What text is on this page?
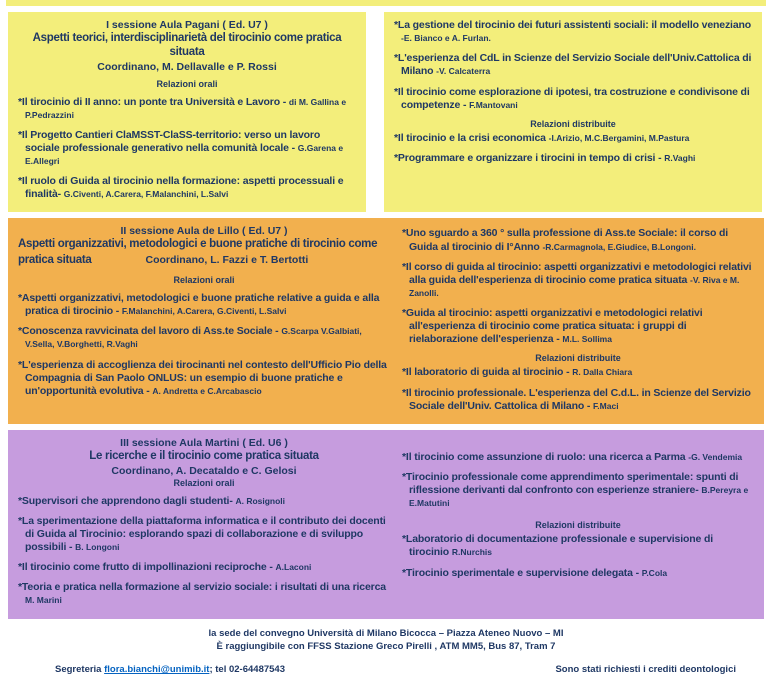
I sessione Aula Pagani ( Ed. U7 )
Aspetti teorici, interdisciplinarietà del tirocinio come pratica situata
Coordinano, M. Dellavalle e P. Rossi
Relazioni orali

*Il tirocinio di II anno: un ponte tra Università e Lavoro - di M. Gallina e P.Pedrazzini

*Il Progetto Cantieri ClaMSST-ClaSS-territorio: verso un lavoro sociale professionale generativo nella comunità locale - G.Garena e E.Allegri

*Il ruolo di Guida al tirocinio nella formazione: aspetti processuali e finalità- G.Civenti, A.Carera, F.Malanchini, L.Salvi

*La gestione del tirocinio dei futuri assistenti sociali: il modello veneziano -E. Bianco e A. Furlan.

*L'esperienza del CdL in Scienze del Servizio Sociale dell'Univ.Cattolica di Milano -V. Calcaterra

*Il tirocinio come esplorazione di ipotesi, tra costruzione e condivisone di competenze - F.Mantovani

Relazioni distribuite

*Il tirocinio e la crisi economica -I.Arizio, M.C.Bergamini, M.Pastura

*Programmare e organizzare i tirocini in tempo di crisi - R.Vaghi

II sessione Aula de Lillo ( Ed. U7 )
Aspetti organizzativi, metodologici e buone pratiche di tirocinio come
pratica situata	Coordinano, L. Fazzi e T. Bertotti
Relazioni orali

*Aspetti organizzativi, metodologici e buone pratiche relative a guida e alla pratica di tirocinio - F.Malanchini, A.Carera, G.Civenti, L.Salvi

*Conoscenza ravvicinata del lavoro di Ass.te Sociale - G.Scarpa V.Galbiati, V.Sella, V.Borghetti, R.Vaghi

*L'esperienza di accoglienza dei tirocinanti nel contesto dell'Ufficio Pio della Compagnia di San Paolo ONLUS: un esempio di buone pratiche e un'opportunità evolutiva - A. Andretta e C.Arcabascio

*Uno sguardo a 360 ° sulla professione di Ass.te Sociale: il corso di Guida al tirocinio di I°Anno -R.Carmagnola, E.Giudice, B.Longoni.

*Il corso di guida al tirocinio: aspetti organizzativi e metodologici relativi alla guida dell'esperienza di tirocinio come pratica situata -V. Riva e M. Zanolli.

*Guida al tirocinio: aspetti organizzativi e metodologici relativi all'esperienza di tirocinio come pratica situata: i gruppi di rielaborazione dell'esperienza - M.L. Sollima

Relazioni distribuite

*Il laboratorio di guida al tirocinio - R. Dalla Chiara

*Il tirocinio professionale. L'esperienza del C.d.L. in Scienze del Servizio Sociale dell'Univ. Cattolica di Milano - F.Maci

III sessione Aula Martini ( Ed. U6 )
Le ricerche e il tirocinio come pratica situata
Coordinano, A. Decataldo e C. Gelosi
Relazioni orali

*Supervisori che apprendono dagli studenti- A. Rosignoli

*La sperimentazione della piattaforma informatica e il contributo dei docenti di Guida al Tirocinio: esplorando spazi di collaborazione e di sviluppo possibili - B. Longoni

*Il tirocinio come frutto di impollinazioni reciproche - A.Laconi

*Teoria e pratica nella formazione al servizio sociale: i risultati di una ricerca M. Marini

*Il tirocinio come assunzione di ruolo: una ricerca a Parma -G. Vendemia

*Tirocinio professionale come apprendimento sperimentale: spunti di riflessione derivanti dal confronto con esperienze straniere- B.Pereyra e E.Matutini

Relazioni distribuite

*Laboratorio di documentazione professionale e supervisione di tirocinio R.Nurchis

*Tirocinio sperimentale e supervisione delegata - P.Cola

la sede del convegno Università di Milano Bicocca – Piazza Ateneo Nuovo – MI
È raggiungibile con FFSS Stazione Greco Pirelli , ATM MM5, Bus 87, Tram 7
Segreteria flora.bianchi@unimib.it; tel 02-64487543	Sono stati richiesti i crediti deontologici
